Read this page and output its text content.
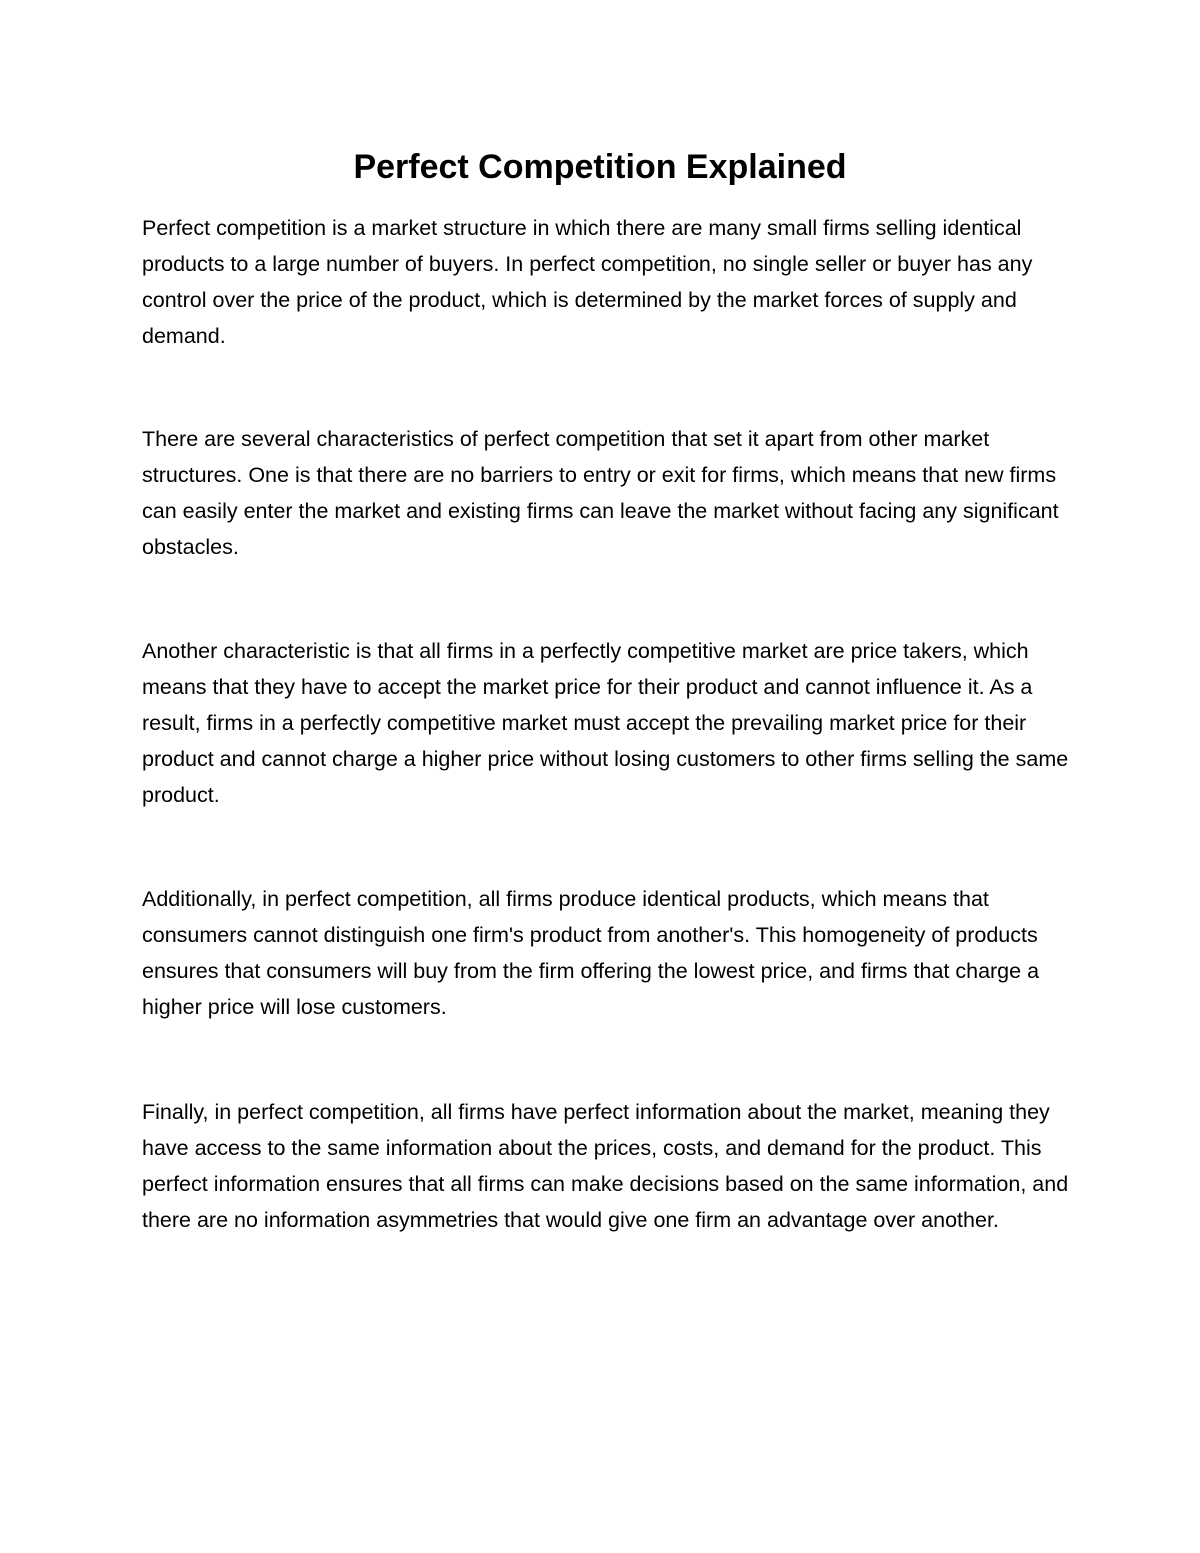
Perfect Competition Explained

Perfect competition is a market structure in which there are many small firms selling identical products to a large number of buyers. In perfect competition, no single seller or buyer has any control over the price of the product, which is determined by the market forces of supply and demand.

There are several characteristics of perfect competition that set it apart from other market structures. One is that there are no barriers to entry or exit for firms, which means that new firms can easily enter the market and existing firms can leave the market without facing any significant obstacles.

Another characteristic is that all firms in a perfectly competitive market are price takers, which means that they have to accept the market price for their product and cannot influence it. As a result, firms in a perfectly competitive market must accept the prevailing market price for their product and cannot charge a higher price without losing customers to other firms selling the same product.

Additionally, in perfect competition, all firms produce identical products, which means that consumers cannot distinguish one firm's product from another's. This homogeneity of products ensures that consumers will buy from the firm offering the lowest price, and firms that charge a higher price will lose customers.

Finally, in perfect competition, all firms have perfect information about the market, meaning they have access to the same information about the prices, costs, and demand for the product. This perfect information ensures that all firms can make decisions based on the same information, and there are no information asymmetries that would give one firm an advantage over another.
